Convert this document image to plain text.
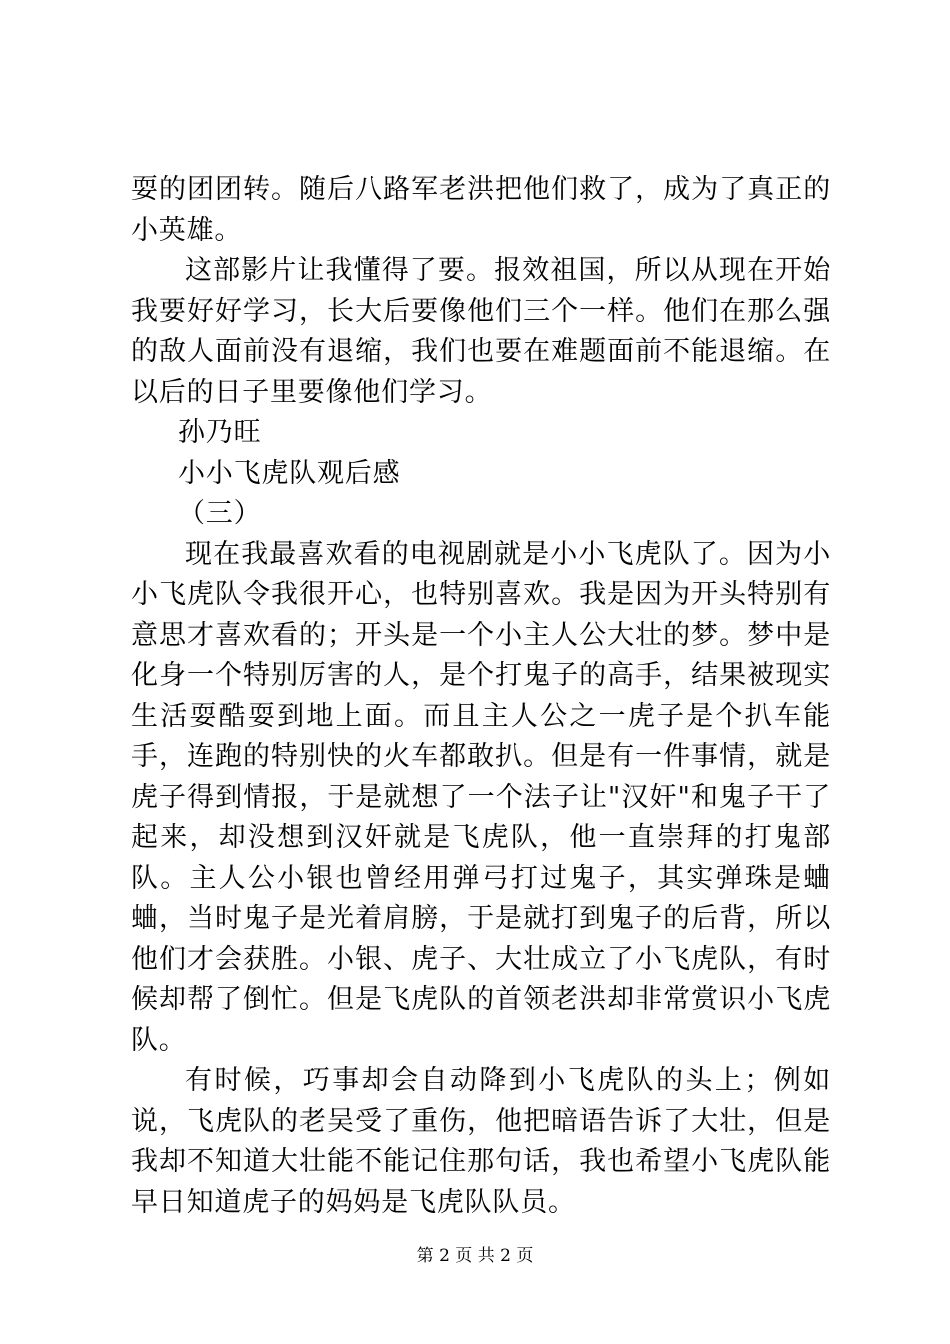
耍的团团转。随后八路军老洪把他们救了，成为了真正的小英雄。

这部影片让我懂得了要。报效祖国，所以从现在开始我要好好学习，长大后要像他们三个一样。他们在那么强的敌人面前没有退缩，我们也要在难题面前不能退缩。在以后的日子里要像他们学习。

孙乃旺

小小飞虎队观后感

（三）

现在我最喜欢看的电视剧就是小小飞虎队了。因为小小飞虎队令我很开心，也特别喜欢。我是因为开头特别有意思才喜欢看的；开头是一个小主人公大壮的梦。梦中是化身一个特别厉害的人，是个打鬼子的高手，结果被现实生活耍酷耍到地上面。而且主人公之一虎子是个扒车能手，连跑的特别快的火车都敢扒。但是有一件事情，就是虎子得到情报，于是就想了一个法子让"汉奸"和鬼子干了起来，却没想到汉奸就是飞虎队，他一直崇拜的打鬼部队。主人公小银也曾经用弹弓打过鬼子，其实弹珠是蛐蛐，当时鬼子是光着肩膀，于是就打到鬼子的后背，所以他们才会获胜。小银、虎子、大壮成立了小飞虎队，有时候却帮了倒忙。但是飞虎队的首领老洪却非常赏识小飞虎队。

有时候，巧事却会自动降到小飞虎队的头上；例如说，飞虎队的老吴受了重伤，他把暗语告诉了大壮，但是我却不知道大壮能不能记住那句话，我也希望小飞虎队能早日知道虎子的妈妈是飞虎队队员。

第 2 页 共 2 页
